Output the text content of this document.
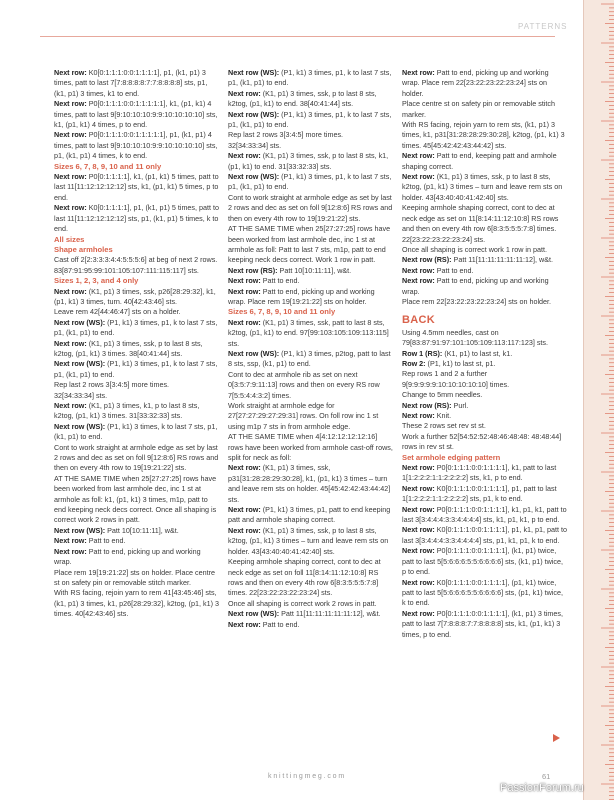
PATTERNS

Next row: K0[0:1:1:1:0:0:1:1:1:1], p1, (k1, p1) 3 times, patt to last 7[7:8:8:8:8:7:7:8:8:8:8] sts, p1, (k1, p1) 3 times, k1 to end.

Next row: P0[0:1:1:1:0:0:1:1:1:1:1], k1, (p1, k1) 4 times, patt to last 9[9:10:10:10:9:9:10:10:10:10] sts, k1, (p1, k1) 4 times, p to end.

Next row: P0[0:1:1:1:0:0:1:1:1:1:1], p1, (k1, p1) 4 times, patt to last 9[9:10:10:10:9:9:10:10:10:10] sts, p1, (k1, p1) 4 times, k to end.

Sizes 6, 7, 8, 9, 10 and 11 only

Next row: P0[0:1:1:1:1], k1, (p1, k1) 5 times, patt to last 11[11:12:12:12:12] sts, k1, (p1, k1) 5 times, p to end.

Next row: K0[0:1:1:1:1], p1, (k1, p1) 5 times, patt to last 11[11:12:12:12:12] sts, p1, (k1, p1) 5 times, k to end.

All sizes
Shape armholes

Cast off 2[2:3:3:3:4:4:5:5:5:6] at beg of next 2 rows.
83[87:91:95:99:101:105:107:111:115:117] sts.

Sizes 1, 2, 3, and 4 only

Next row: (K1, p1) 3 times, ssk, p26[28:29:32], k1, (p1, k1) 3 times, turn. 40[42:43:46] sts.

Leave rem 42[44:46:47] sts on a holder.

Next row (WS): (P1, k1) 3 times, p1, k to last 7 sts, p1, (k1, p1) to end.

Next row: (K1, p1) 3 times, ssk, p to last 8 sts, k2tog, (p1, k1) 3 times. 38[40:41:44] sts.

Next row (WS): (P1, k1) 3 times, p1, k to last 7 sts, p1, (k1, p1) to end.

Rep last 2 rows 3[3:4:5] more times.
32[34:33:34] sts.

Next row: (K1, p1) 3 times, k1, p to last 8 sts, k2tog, (p1, k1) 3 times. 31[33:32:33] sts.

Next row (WS): (P1, k1) 3 times, k to last 7 sts, p1, (k1, p1) to end.

Cont to work straight at armhole edge as set by last 2 rows and dec as set on foll 9[12:8:6] RS rows and then on every 4th row to 19[19:21:22] sts.

AT THE SAME TIME when 25[27:27:25] rows have been worked from last armhole dec, inc 1 st at armhole as foll: k1, (p1, k1) 3 times, m1p, patt to end keeping neck decs correct. Once all shaping is correct work 2 rows in patt.

Next row (WS): Patt 10[10:11:11], w&t.

Next row: Patt to end.

Next row: Patt to end, picking up and working wrap.

Place rem 19[19:21:22] sts on holder. Place centre st on safety pin or removable stitch marker.

With RS facing, rejoin yarn to rem 41[43:45:46] sts, (k1, p1) 3 times, k1, p26[28:29:32], k2tog, (p1, k1) 3 times. 40[42:43:46] sts.

Next row (WS): (P1, k1) 3 times, p1, k to last 7 sts, p1, (k1, p1) to end.

Next row: (K1, p1) 3 times, ssk, p to last 8 sts, k2tog, (p1, k1) to end. 38[40:41:44] sts.

Next row (WS): (P1, k1) 3 times, p1, k to last 7 sts, p1, (k1, p1) to end.

Rep last 2 rows 3[3:4:5] more times.
32[34:33:34] sts.

Next row: (K1, p1) 3 times, ssk, p to last 8 sts, k1, (p1, k1) to end. 31[33:32:33] sts.

Next row (WS): (P1, k1) 3 times, p1, k to last 7 sts, p1, (k1, p1) to end.

Cont to work straight at armhole edge as set by last 2 rows and dec as set on foll 9[12:8:6] RS rows and then on every 4th row to 19[19:21:22] sts.

AT THE SAME TIME when 25[27:27:25] rows have been worked from last armhole dec, inc 1 st at armhole as foll: Patt to last 7 sts, m1p, patt to end keeping neck decs correct. Work 1 row in patt.

Next row (RS): Patt 10[10:11:11], w&t.

Next row: Patt to end.

Next row: Patt to end, picking up and working wrap. Place rem 19[19:21:22] sts on holder.

Sizes 6, 7, 8, 9, 10 and 11 only

Next row: (K1, p1) 3 times, ssk, patt to last 8 sts, k2tog, (p1, k1) to end. 97[99:103:105:109:113:115] sts.

Next row (WS): (P1, k1) 3 times, p2tog, patt to last 8 sts, ssp, (k1, p1) to end.

Cont to dec at armhole rib as set on next 0[3:5:7:9:11:13] rows and then on every RS row 7[5:5:4:4:3:2] times.

Work straight at armhole edge for 27[27:27:29:27:29:31] rows. On foll row inc 1 st using m1p 7 sts in from armhole edge.

AT THE SAME TIME when 4[4:12:12:12:12:16] rows have been worked from armhole cast-off rows, split for neck as foll:

Next row: (K1, p1) 3 times, ssk, p31[31:28:28:29:30:28], k1, (p1, k1) 3 times – turn and leave rem sts on holder. 45[45:42:42:43:44:42] sts.

Next row: (P1, k1) 3 times, p1, patt to end keeping patt and armhole shaping correct.

Next row: (K1, p1) 3 times, ssk, p to last 8 sts, k2tog, (p1, k1) 3 times – turn and leave rem sts on holder. 43[43:40:40:41:42:40] sts.

Keeping armhole shaping correct, cont to dec at neck edge as set on foll 11[8:14:11:12:10:8] RS rows and then on every 4th row 6[8:3:5:5:5:7:8] times. 22[23:22:23:22:23:24] sts.

Once all shaping is correct work 2 rows in patt.

Next row (WS): Patt 11[11:11:11:11:11:12], w&t.

Next row: Patt to end.

Next row: Patt to end, picking up and working wrap. Place rem 22[23:22:23:22:23:24] sts on holder.

Place centre st on safety pin or removable stitch marker.

With RS facing, rejoin yarn to rem sts, (k1, p1) 3 times, k1, p31[31:28:28:29:30:28], k2tog, (p1, k1) 3 times. 45[45:42:42:43:44:42] sts.

Next row: Patt to end, keeping patt and armhole shaping correct.

Next row: (K1, p1) 3 times, ssk, p to last 8 sts, k2tog, (p1, k1) 3 times – turn and leave rem sts on holder. 43[43:40:40:41:42:40] sts.

Keeping armhole shaping correct, cont to dec at neck edge as set on 11[8:14:11:12:10:8] RS rows and then on every 4th row 6[8:3:5:5:5:7:8] times. 22[23:22:23:22:23:24] sts.

Once all shaping is correct work 1 row in patt.

Next row (RS): Patt 11[11:11:11:11:11:12], w&t.

Next row: Patt to end.

Next row: Patt to end, picking up and working wrap.

Place rem 22[23:22:23:22:23:24] sts on holder.

BACK

Using 4.5mm needles, cast on 79[83:87:91:97:101:105:109:113:117:123] sts.

Row 1 (RS): (K1, p1) to last st, k1.

Row 2: (P1, k1) to last st, p1.

Rep rows 1 and 2 a further 9[9:9:9:9:9:10:10:10:10:10] times.

Change to 5mm needles.

Next row (RS): Purl.

Next row: Knit.

These 2 rows set rev st st.

Work a further 52[54:52:52:48:46:48:48: 48:48:44] rows in rev st st.

Set armhole edging pattern

Next row: P0[0:1:1:1:0:0:1:1:1:1], k1, patt to last 1[1:2:2:2:1:1:2:2:2:2] sts, k1, p to end.

Next row: K0[0:1:1:1:0:0:1:1:1:1], p1, patt to last 1[1:2:2:2:1:1:2:2:2:2] sts, p1, k to end.

Next row: P0[0:1:1:1:0:0:1:1:1:1], k1, p1, k1, patt to last 3[3:4:4:4:3:3:4:4:4:4] sts, k1, p1, k1, p to end.

Next row: K0[0:1:1:1:0:0:1:1:1:1], p1, k1, p1, patt to last 3[3:4:4:4:3:3:4:4:4:4] sts, p1, k1, p1, k to end.

Next row: P0[0:1:1:1:0:0:1:1:1:1], (k1, p1) twice, patt to last 5[5:6:6:6:5:5:6:6:6:6] sts, (k1, p1) twice, p to end.

Next row: K0[0:1:1:1:0:0:1:1:1:1], (p1, k1) twice, patt to last 5[5:6:6:6:5:5:6:6:6:6] sts, (p1, k1) twice, k to end.

Next row: P0[0:1:1:1:0:0:1:1:1:1], (k1, p1) 3 times, patt to last 7[7:8:8:8:7:7:8:8:8:8] sts, k1, (p1, k1) 3 times, p to end.

knittingmeg.com	61
PassionForum.ru
